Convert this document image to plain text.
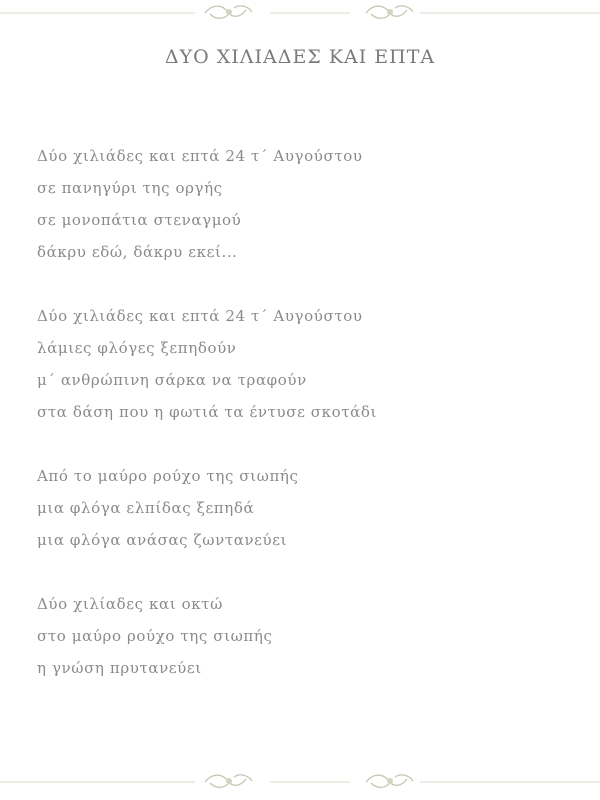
ΔΥΟ ΧΙΛΙΑΔΕΣ ΚΑΙ ΕΠΤΑ
Δύο χιλιάδες και επτά 24 τ΄ Αυγούστου
σε πανηγύρι της οργής
σε μονοπάτια στεναγμού
δάκρυ εδώ, δάκρυ εκεί...
Δύο χιλιάδες και επτά 24 τ΄ Αυγούστου
λάμιες φλόγες ξεπηδούν
μ΄ ανθρώπινη σάρκα να τραφούν
στα δάση που η φωτιά τα έντυσε σκοτάδι
Από το μαύρο ρούχο της σιωπής
μια φλόγα ελπίδας ξεπηδά
μια φλόγα ανάσας ζωντανεύει
Δύο χιλίαδες και οκτώ
στο μαύρο ρούχο της σιωπής
η γνώση πρυτανεύει
